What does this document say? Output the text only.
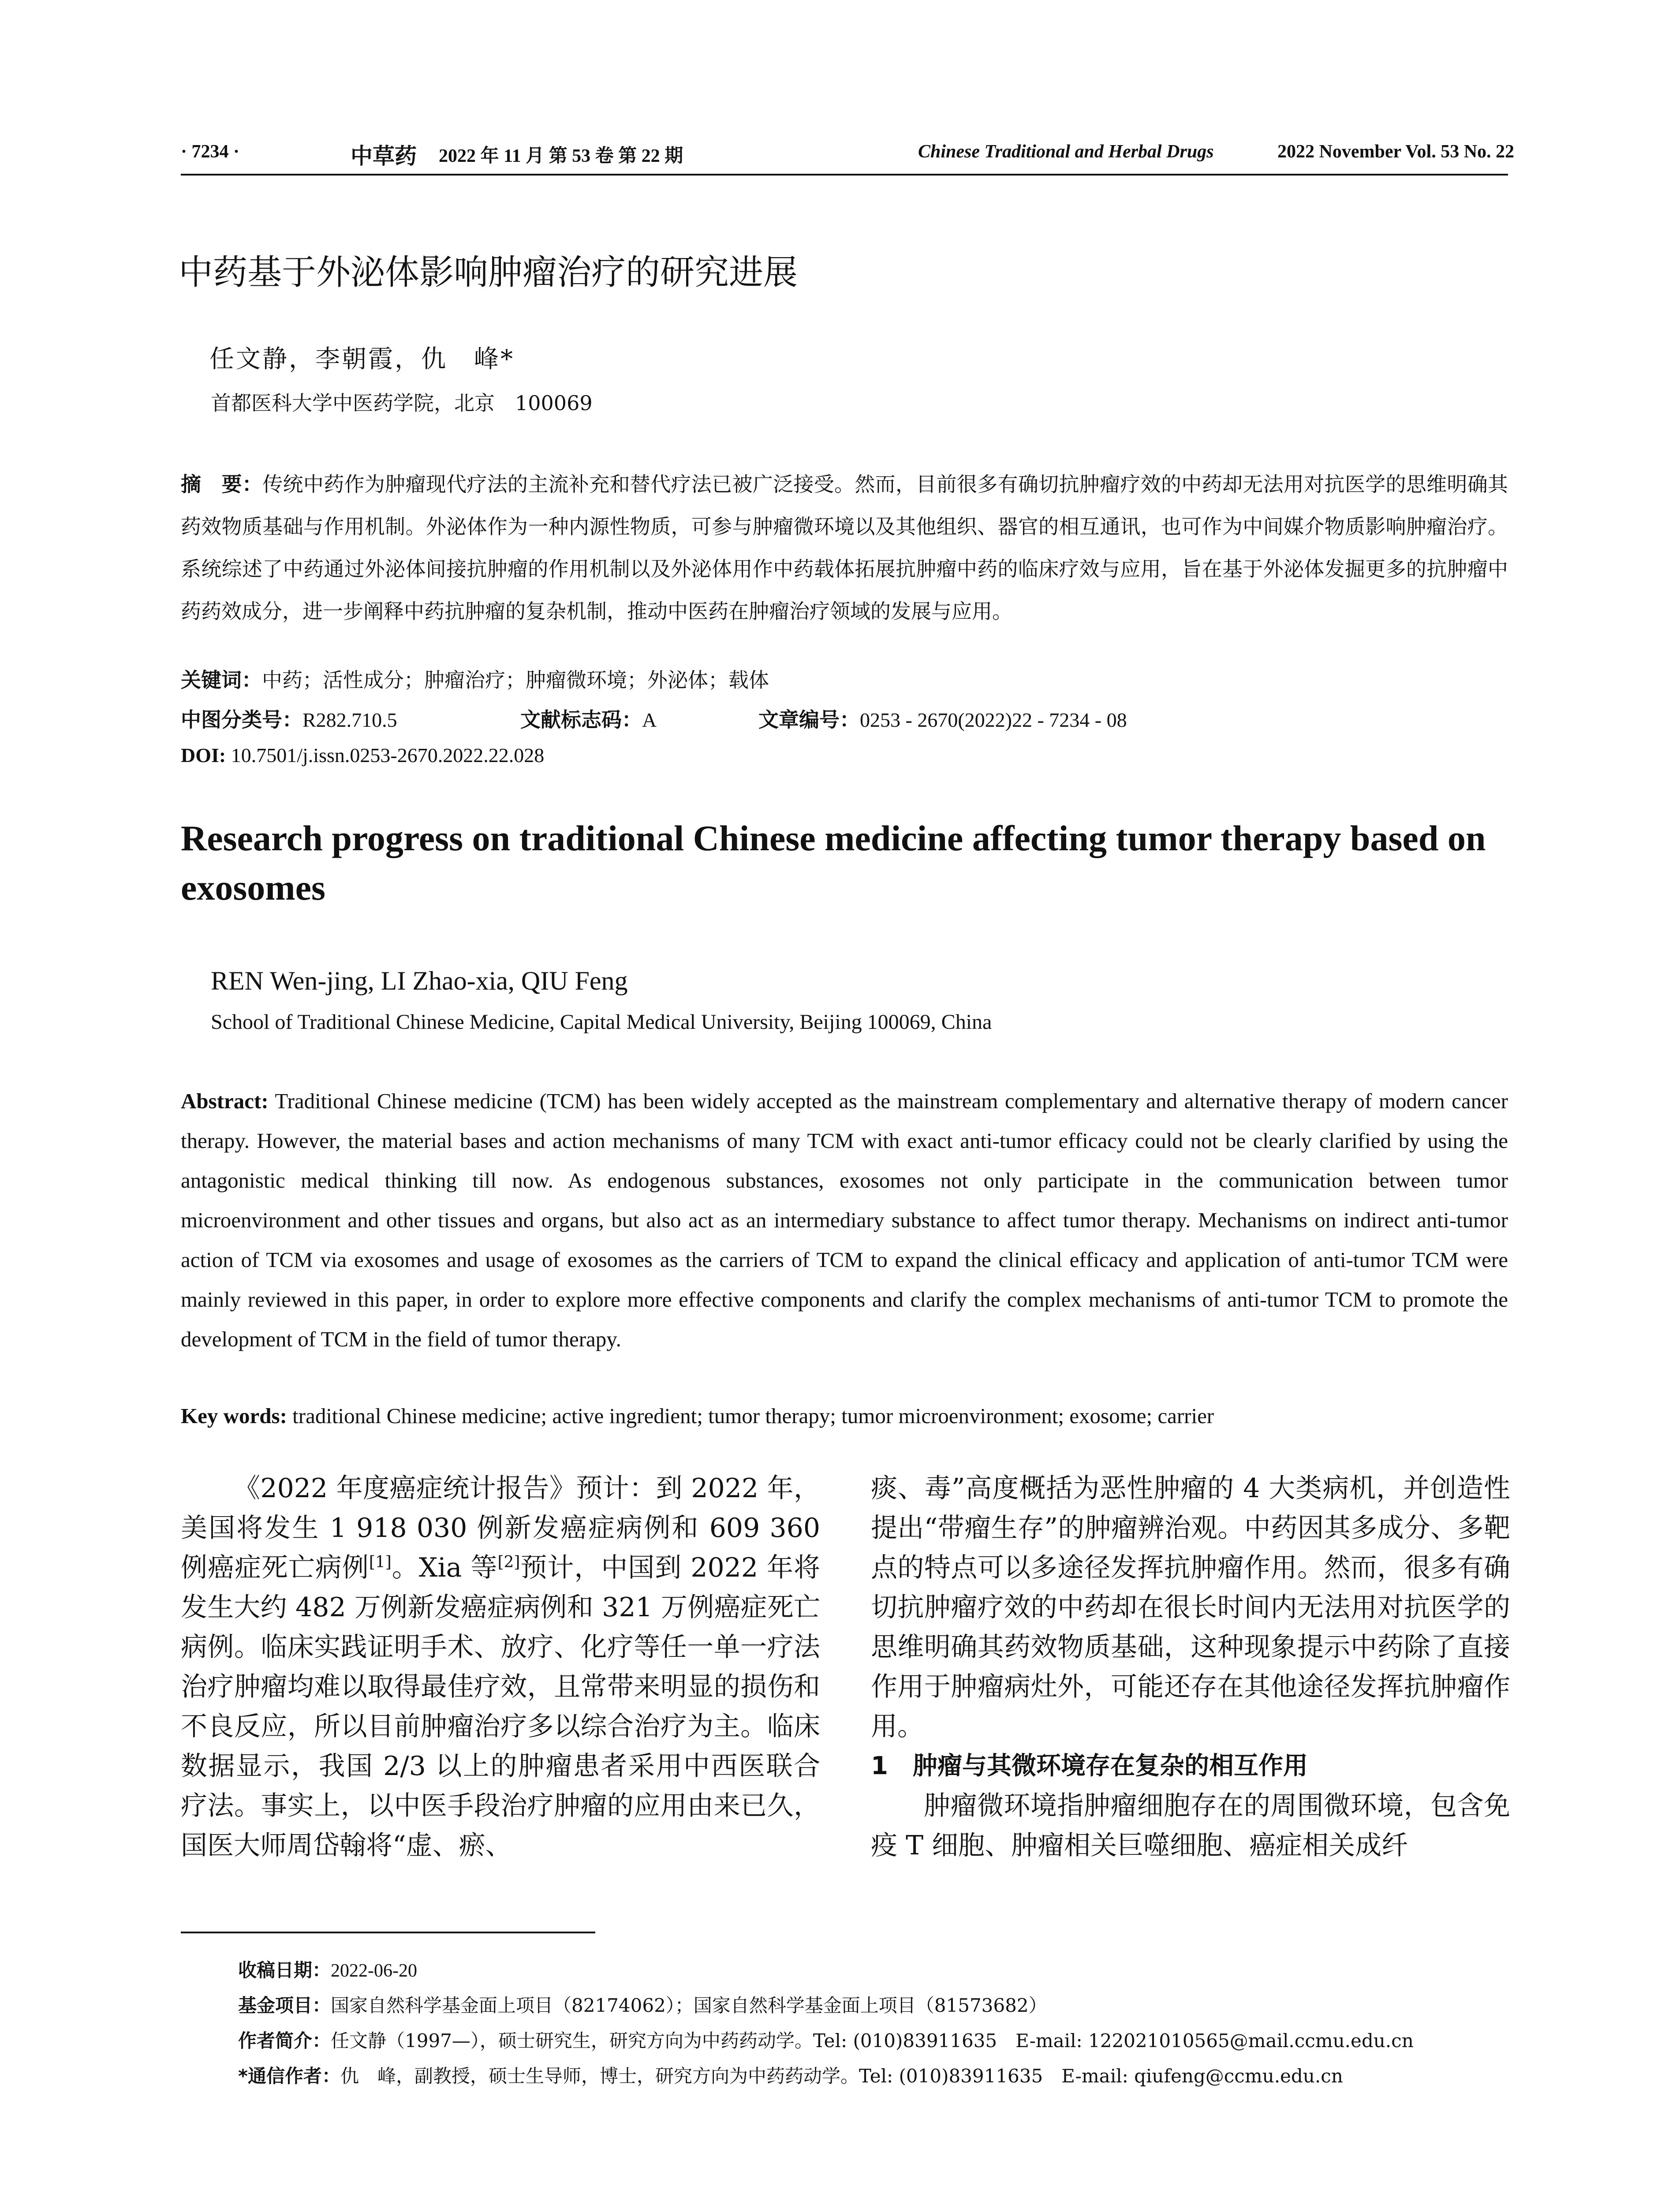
· 7234 ·	中草药 2022 年 11 月 第 53 卷 第 22 期	Chinese Traditional and Herbal Drugs	2022 November Vol. 53 No. 22
中药基于外泌体影响肿瘤治疗的研究进展
任文静，李朝霞，仇　峰*
首都医科大学中医药学院，北京　100069
摘　要：传统中药作为肿瘤现代疗法的主流补充和替代疗法已被广泛接受。然而，目前很多有确切抗肿瘤疗效的中药却无法用对抗医学的思维明确其药效物质基础与作用机制。外泌体作为一种内源性物质，可参与肿瘤微环境以及其他组织、器官的相互通讯，也可作为中间媒介物质影响肿瘤治疗。系统综述了中药通过外泌体间接抗肿瘤的作用机制以及外泌体用作中药载体拓展抗肿瘤中药的临床疗效与应用，旨在基于外泌体发掘更多的抗肿瘤中药药效成分，进一步阐释中药抗肿瘤的复杂机制，推动中医药在肿瘤治疗领域的发展与应用。
关键词：中药；活性成分；肿瘤治疗；肿瘤微环境；外泌体；载体
中图分类号：R282.710.5	文献标志码：A	文章编号：0253 - 2670(2022)22 - 7234 - 08
DOI: 10.7501/j.issn.0253-2670.2022.22.028
Research progress on traditional Chinese medicine affecting tumor therapy based on exosomes
REN Wen-jing, LI Zhao-xia, QIU Feng
School of Traditional Chinese Medicine, Capital Medical University, Beijing 100069, China
Abstract: Traditional Chinese medicine (TCM) has been widely accepted as the mainstream complementary and alternative therapy of modern cancer therapy. However, the material bases and action mechanisms of many TCM with exact anti-tumor efficacy could not be clearly clarified by using the antagonistic medical thinking till now. As endogenous substances, exosomes not only participate in the communication between tumor microenvironment and other tissues and organs, but also act as an intermediary substance to affect tumor therapy. Mechanisms on indirect anti-tumor action of TCM via exosomes and usage of exosomes as the carriers of TCM to expand the clinical efficacy and application of anti-tumor TCM were mainly reviewed in this paper, in order to explore more effective components and clarify the complex mechanisms of anti-tumor TCM to promote the development of TCM in the field of tumor therapy.
Key words: traditional Chinese medicine; active ingredient; tumor therapy; tumor microenvironment; exosome; carrier

《2022 年度癌症统计报告》预计：到 2022 年，美国将发生 1 918 030 例新发癌症病例和 609 360 例癌症死亡病例[1]。Xia 等[2]预计，中国到 2022 年将发生大约 482 万例新发癌症病例和 321 万例癌症死亡病例。临床实践证明手术、放疗、化疗等任一单一疗法治疗肿瘤均难以取得最佳疗效，且常带来明显的损伤和不良反应，所以目前肿瘤治疗多以综合治疗为主。临床数据显示，我国 2/3 以上的肿瘤患者采用中西医联合疗法。事实上，以中医手段治疗肿瘤的应用由来已久，国医大师周岱翰将“虚、瘀、

痰、毒”高度概括为恶性肿瘤的 4 大类病机，并创造性提出“带瘤生存”的肿瘤辨治观。中药因其多成分、多靶点的特点可以多途径发挥抗肿瘤作用。然而，很多有确切抗肿瘤疗效的中药却在很长时间内无法用对抗医学的思维明确其药效物质基础，这种现象提示中药除了直接作用于肿瘤病灶外，可能还存在其他途径发挥抗肿瘤作用。

1　肿瘤与其微环境存在复杂的相互作用

肿瘤微环境指肿瘤细胞存在的周围微环境，包含免疫 T 细胞、肿瘤相关巨噬细胞、癌症相关成纤

收稿日期：2022-06-20
基金项目：国家自然科学基金面上项目（82174062）；国家自然科学基金面上项目（81573682）
作者简介：任文静（1997—），硕士研究生，研究方向为中药药动学。Tel: (010)83911635　E-mail: 122021010565@mail.ccmu.edu.cn
*通信作者：仇　峰，副教授，硕士生导师，博士，研究方向为中药药动学。Tel: (010)83911635　E-mail: qiufeng@ccmu.edu.cn
